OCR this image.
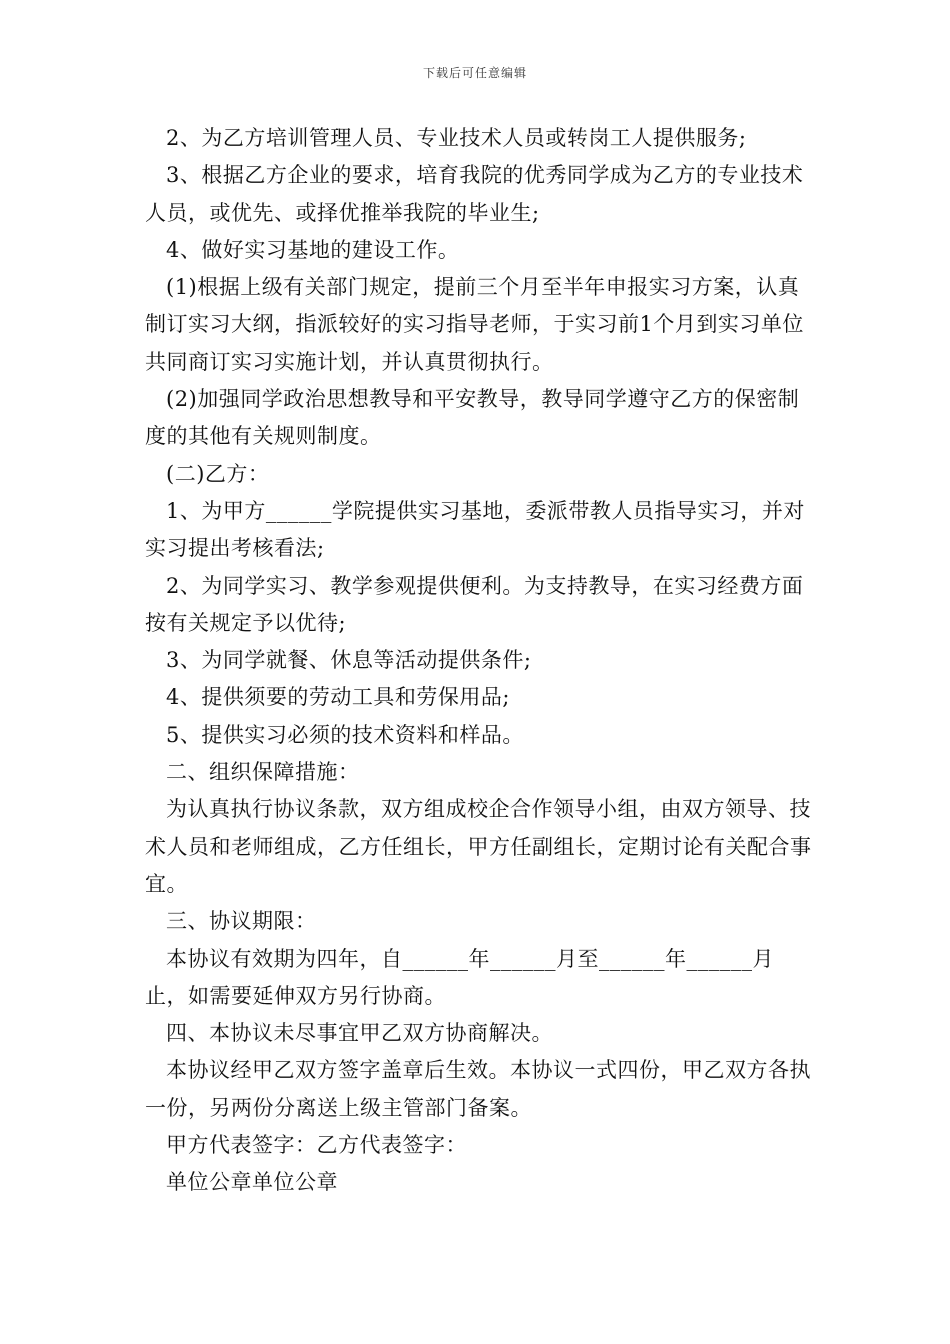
下载后可任意编辑

2、为乙方培训管理人员、专业技术人员或转岗工人提供服务;

3、根据乙方企业的要求，培育我院的优秀同学成为乙方的专业技术人员，或优先、或择优推举我院的毕业生;

4、做好实习基地的建设工作。

(1)根据上级有关部门规定，提前三个月至半年申报实习方案，认真制订实习大纲，指派较好的实习指导老师，于实习前1个月到实习单位共同商订实习实施计划，并认真贯彻执行。

(2)加强同学政治思想教导和平安教导，教导同学遵守乙方的保密制度的其他有关规则制度。

(二)乙方：

1、为甲方______学院提供实习基地，委派带教人员指导实习，并对实习提出考核看法;

2、为同学实习、教学参观提供便利。为支持教导，在实习经费方面按有关规定予以优待;

3、为同学就餐、休息等活动提供条件;

4、提供须要的劳动工具和劳保用品;

5、提供实习必须的技术资料和样品。

二、组织保障措施：

为认真执行协议条款，双方组成校企合作领导小组，由双方领导、技术人员和老师组成，乙方任组长，甲方任副组长，定期讨论有关配合事宜。

三、协议期限：

本协议有效期为四年，自______年______月至______年______月止，如需要延伸双方另行协商。

四、本协议未尽事宜甲乙双方协商解决。

本协议经甲乙双方签字盖章后生效。本协议一式四份，甲乙双方各执一份，另两份分离送上级主管部门备案。

甲方代表签字：乙方代表签字：

单位公章单位公章
